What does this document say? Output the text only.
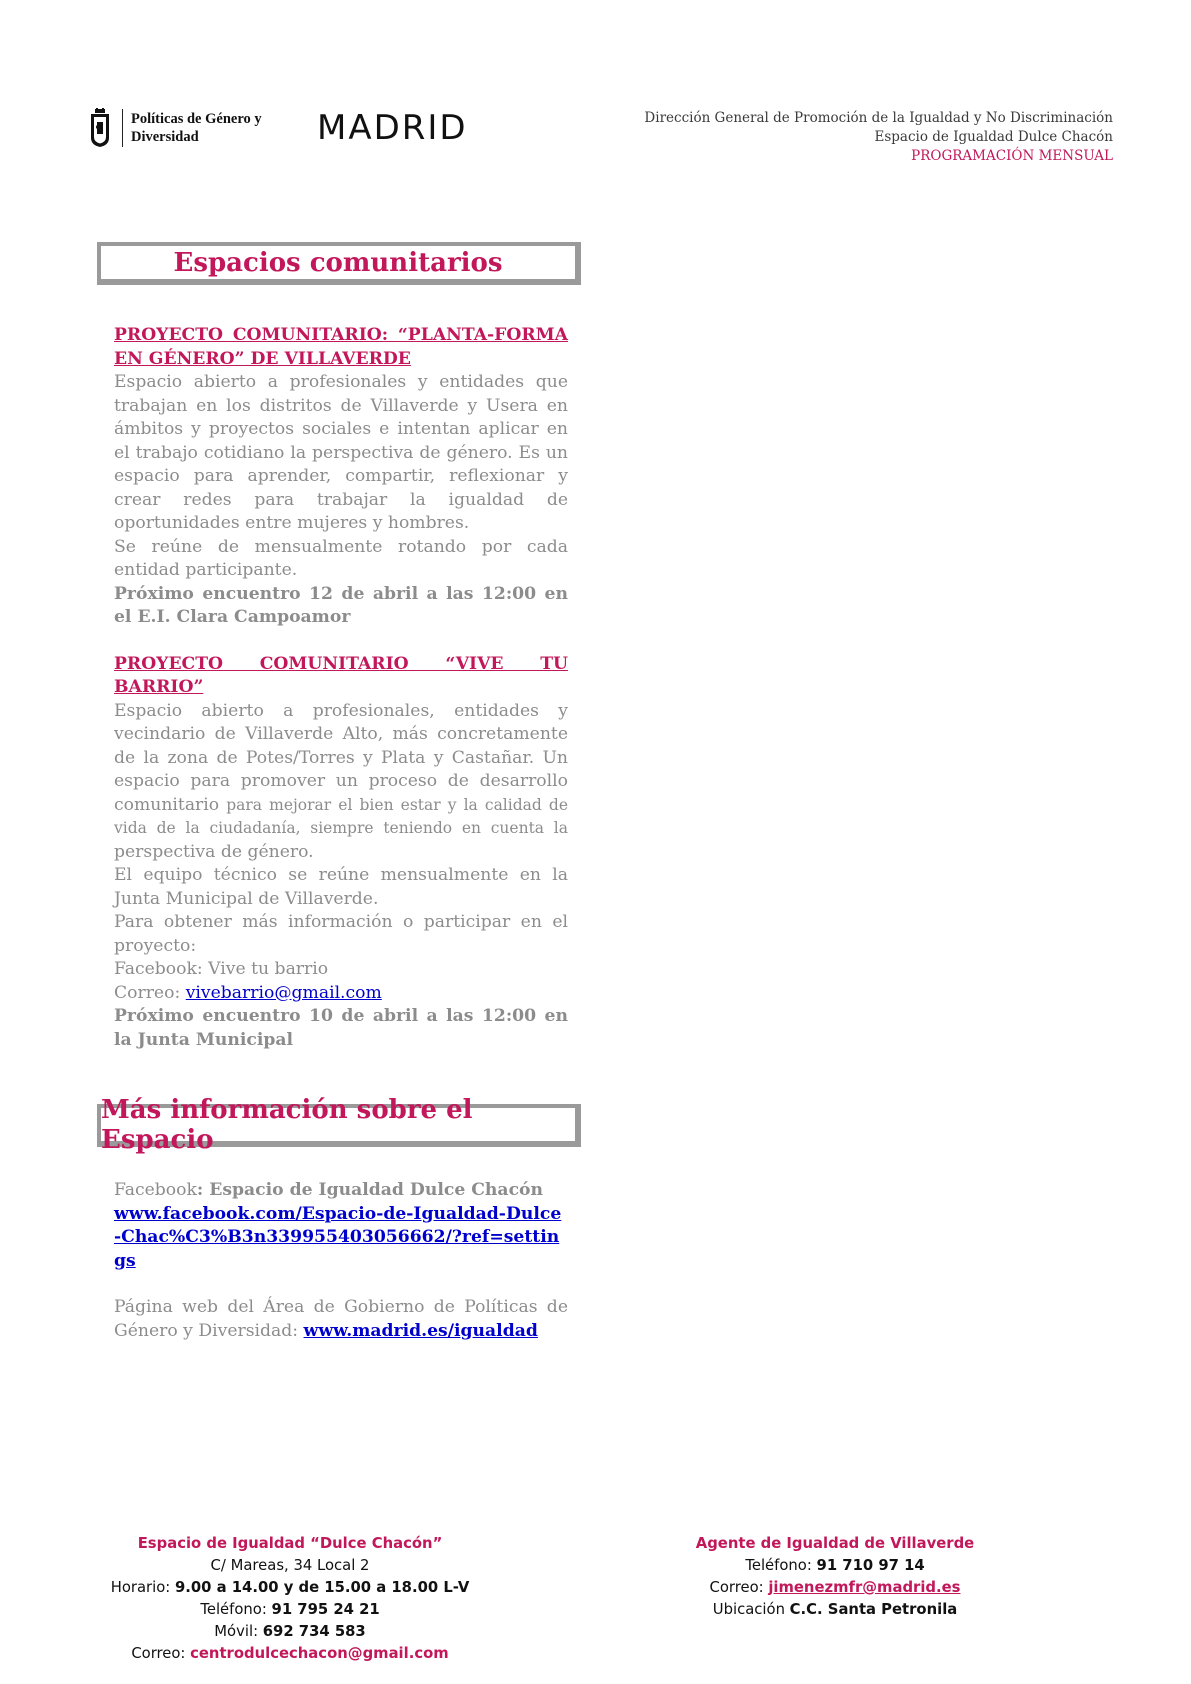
Políticas de Género y
Diversidad	MADRID	Dirección General de Promoción de la Igualdad y No Discriminación
Espacio de Igualdad Dulce Chacón
PROGRAMACIÓN MENSUAL
Espacios comunitarios

PROYECTO COMUNITARIO: “PLANTA-FORMA EN GÉNERO” DE VILLAVERDE

Espacio abierto a profesionales y entidades que trabajan en los distritos de Villaverde y Usera en ámbitos y proyectos sociales e intentan aplicar en el trabajo cotidiano la perspectiva de género. Es un espacio para aprender, compartir, reflexionar y crear redes para trabajar la igualdad de oportunidades entre mujeres y hombres.

Se reúne de mensualmente rotando por cada entidad participante.

Próximo encuentro 12 de abril a las 12:00 en el E.I. Clara Campoamor

PROYECTO COMUNITARIO “VIVE TU BARRIO”

Espacio abierto a profesionales, entidades y vecindario de Villaverde Alto, más concretamente de la zona de Potes/Torres y Plata y Castañar. Un espacio para promover un proceso de desarrollo comunitario para mejorar el bien estar y la calidad de vida de la ciudadanía, siempre teniendo en cuenta la perspectiva de género.

El equipo técnico se reúne mensualmente en la Junta Municipal de Villaverde.

Para obtener más información o participar en el proyecto:

Facebook: Vive tu barrio

Correo: vivebarrio@gmail.com

Próximo encuentro 10 de abril a las 12:00 en la Junta Municipal

Más información sobre el Espacio

Facebook: Espacio de Igualdad Dulce Chacón

www.facebook.com/Espacio-de-Igualdad-Dulce-Chac%C3%B3n339955403056662/?ref=settings

Página web del Área de Gobierno de Políticas de Género y Diversidad: www.madrid.es/igualdad

Espacio de Igualdad “Dulce Chacón”
C/ Mareas, 34 Local 2
Horario: 9.00 a 14.00 y de 15.00 a 18.00 L-V
Teléfono: 91 795 24 21
Móvil: 692 734 583
Correo: centrodulcechacon@gmail.com
Agente de Igualdad de Villaverde
Teléfono: 91 710 97 14
Correo: jimenezmfr@madrid.es
Ubicación C.C. Santa Petronila
